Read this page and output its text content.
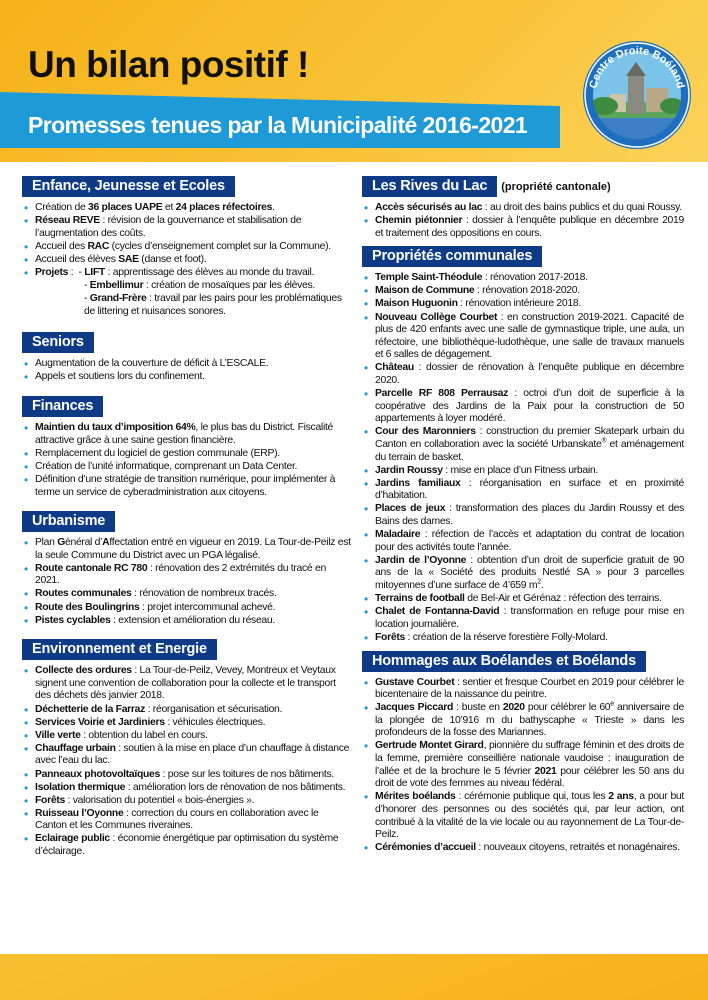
Un bilan positif !
Promesses tenues par la Municipalité 2016-2021
Centre Droite Boéland
Enfance, Jeunesse et Ecoles
• Création de 36 places UAPE et 24 places réfectoires.
• Réseau REVE : révision de la gouvernance et stabilisation de l’augmentation des coûts.
• Accueil des RAC (cycles d’enseignement complet sur la Commune).
• Accueil des élèves SAE (danse et foot).
• Projets :  - LIFT : apprentissage des élèves au monde du travail.
- Embellimur : création de mosaïques par les élèves.
- Grand-Frère : travail par les pairs pour les problématiques de littering et nuisances sonores.
Seniors
• Augmentation de la couverture de déficit à L’ESCALE.
• Appels et soutiens lors du confinement.
Finances
• Maintien du taux d’imposition 64%, le plus bas du District. Fiscalité attractive grâce à une saine gestion financière.
• Remplacement du logiciel de gestion communale (ERP).
• Création de l’unité informatique, comprenant un Data Center.
• Définition d’une stratégie de transition numérique, pour implémenter à terme un service de cyberadministration aux citoyens.
Urbanisme
• Plan Général d’Affectation entré en vigueur en 2019. La Tour-de-Peilz est la seule Commune du District avec un PGA légalisé.
• Route cantonale RC 780 : rénovation des 2 extrémités du tracé en 2021.
• Routes communales : rénovation de nombreux tracés.
• Route des Boulingrins : projet intercommunal achevé.
• Pistes cyclables : extension et amélioration du réseau.
Environnement et Energie
• Collecte des ordures : La Tour-de-Peilz, Vevey, Montreux et Veytaux signent une convention de collaboration pour la collecte et le transport des déchets dès janvier 2018.
• Déchetterie de la Farraz : réorganisation et sécurisation.
• Services Voirie et Jardiniers : véhicules électriques.
• Ville verte : obtention du label en cours.
• Chauffage urbain : soutien à la mise en place d’un chauffage à distance avec l’eau du lac.
• Panneaux photovoltaïques : pose sur les toitures de nos bâtiments.
• Isolation thermique : amélioration lors de rénovation de nos bâtiments.
• Forêts : valorisation du potentiel « bois-énergies ».
• Ruisseau l’Oyonne : correction du cours en collaboration avec le Canton et les Communes riveraines.
• Eclairage public : économie énergétique par optimisation du système d’éclairage.
Les Rives du Lac (propriété cantonale)
• Accès sécurisés au lac : au droit des bains publics et du quai Roussy.
• Chemin piétonnier : dossier à l’enquête publique en décembre 2019 et traitement des oppositions en cours.
Propriétés communales
• Temple Saint-Théodule : rénovation 2017-2018.
• Maison de Commune : rénovation 2018-2020.
• Maison Huguonin : rénovation intérieure 2018.
• Nouveau Collège Courbet : en construction 2019-2021. Capacité de plus de 420 enfants avec une salle de gymnastique triple, une aula, un réfectoire, une bibliothèque-ludothèque, une salle de travaux manuels et 6 salles de dégagement.
• Château : dossier de rénovation à l’enquête publique en décembre 2020.
• Parcelle RF 808 Perrausaz : octroi d’un doit de superficie à la coopérative des Jardins de la Paix pour la construction de 50 appartements à loyer modéré.
• Cour des Maronniers : construction du premier Skatepark urbain du Canton en collaboration avec la société Urbanskate® et aménagement du terrain de basket.
• Jardin Roussy : mise en place d’un Fitness urbain.
• Jardins familiaux : réorganisation en surface et en proximité d’habitation.
• Places de jeux : transformation des places du Jardin Roussy et des Bains des dames.
• Maladaire : réfection de l’accès et adaptation du contrat de location pour des activités toute l’année.
• Jardin de l’Oyonne : obtention d’un droit de superficie gratuit de 90 ans de la « Société des produits Nestlé SA » pour 3 parcelles mitoyennes d’une surface de 4’659 $m^2$.
• Terrains de football de Bel-Air et Gérénaz : réfection des terrains.
• Chalet de Fontanna-David : transformation en refuge pour mise en location journalière.
• Forêts : création de la réserve forestière Folly-Molard.
Hommages aux Boélandes et Boélands
• Gustave Courbet : sentier et fresque Courbet en 2019 pour célébrer le bicentenaire de la naissance du peintre.
• Jacques Piccard : buste en 2020 pour célébrer le 60e anniversaire de la plongée de 10’916 m du bathyscaphe « Trieste » dans les profondeurs de la fosse des Mariannes.
• Gertrude Montet Girard, pionnière du suffrage féminin et des droits de la femme, première conseillière nationale vaudoise : inauguration de l’allée et de la brochure le 5 février 2021 pour célébrer les 50 ans du droit de vote des femmes au niveau fédéral.
• Mérites boélands : cérémonie publique qui, tous les 2 ans, a pour but d’honorer des personnes ou des sociétés qui, par leur action, ont contribué à la vitalité de la vie locale ou au rayonnement de La Tour-de-Peilz.
• Cérémonies d’accueil : nouveaux citoyens, retraités et nonagénaires.
